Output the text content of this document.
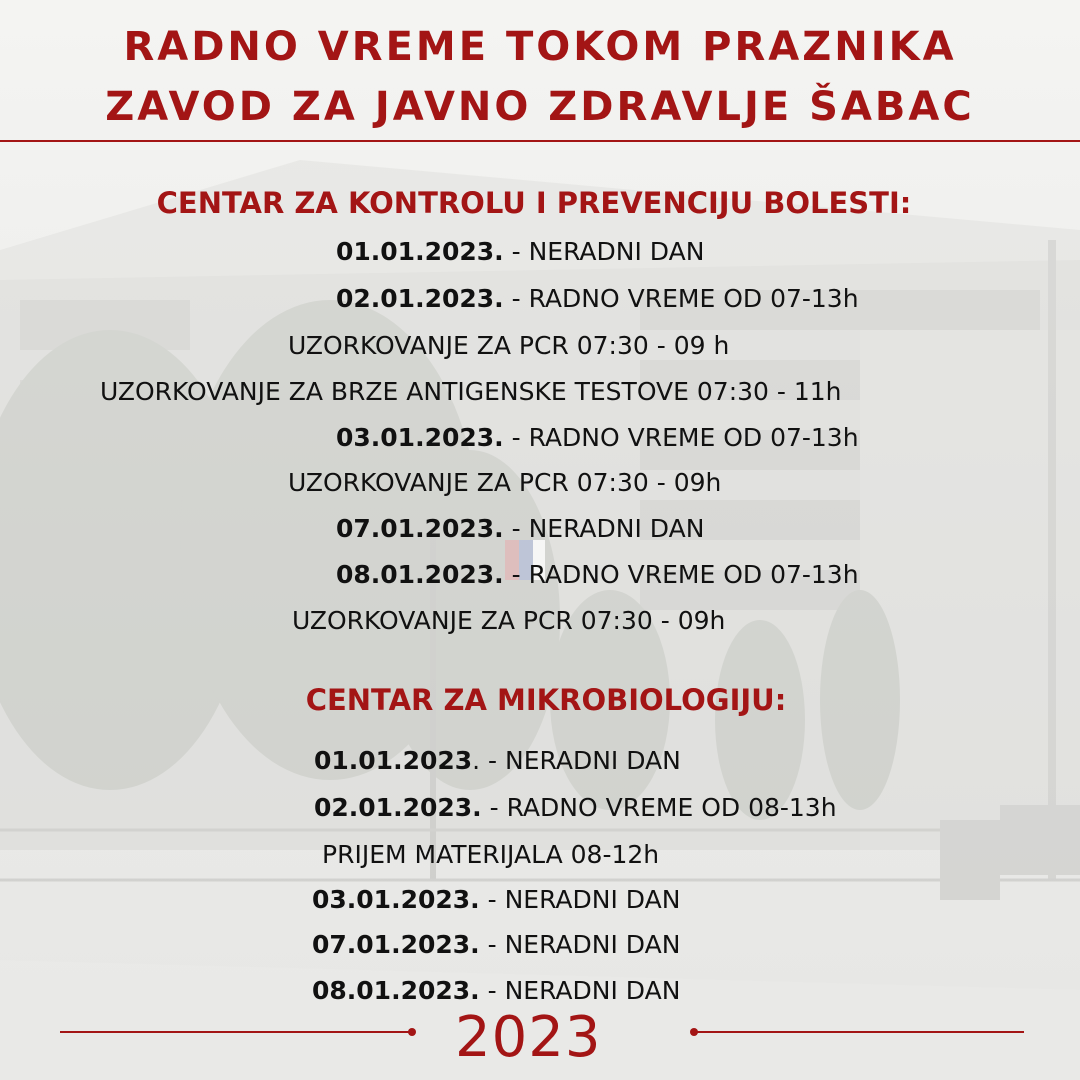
RADNO VREME TOKOM PRAZNIKA
ZAVOD ZA JAVNO ZDRAVLJE ŠABAC
CENTAR ZA KONTROLU I PREVENCIJU BOLESTI:
01.01.2023. - NERADNI DAN
02.01.2023. - RADNO VREME OD 07-13h
UZORKOVANJE ZA PCR 07:30 - 09 h
UZORKOVANJE ZA BRZE ANTIGENSKE TESTOVE 07:30 - 11h
03.01.2023. - RADNO VREME OD 07-13h
UZORKOVANJE ZA PCR 07:30 - 09h
07.01.2023. - NERADNI DAN
08.01.2023. - RADNO VREME OD 07-13h
UZORKOVANJE ZA PCR 07:30 - 09h
CENTAR ZA MIKROBIOLOGIJU:
01.01.2023. - NERADNI DAN
02.01.2023. - RADNO VREME OD 08-13h
PRIJEM MATERIJALA 08-12h
03.01.2023. - NERADNI DAN
07.01.2023. - NERADNI DAN
08.01.2023. - NERADNI DAN
2023
